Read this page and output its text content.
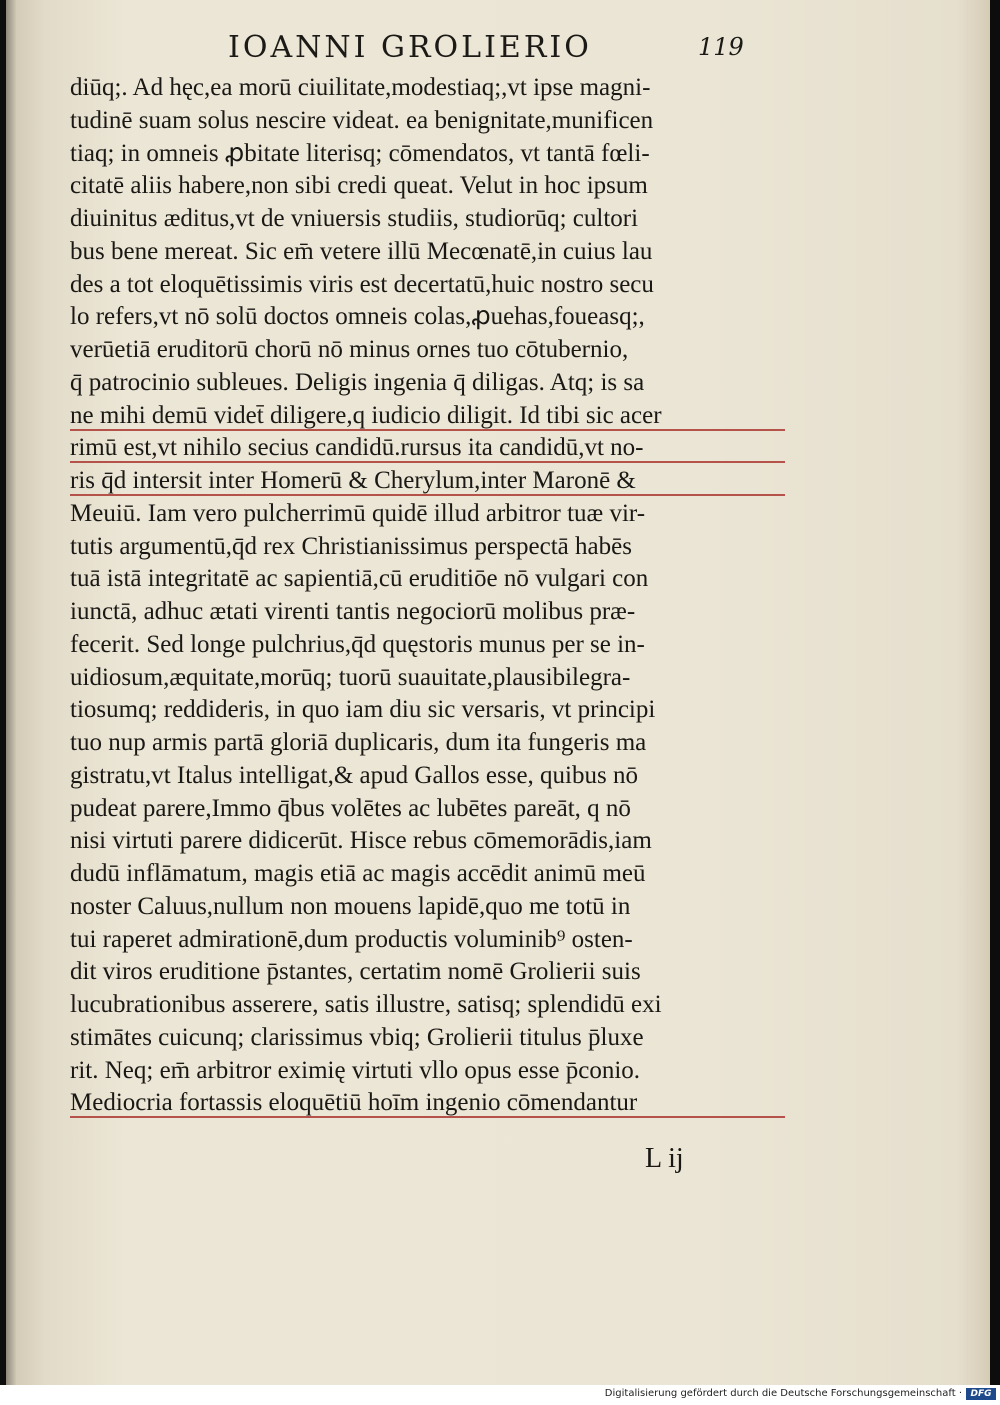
IOANNI GROLIERIO	119
diūq;. Ad hęc,ea morū ciuilitate,modestiaq;,vt ipse magni-
tudinē suam solus nescire videat. ea benignitate,munificen
tiaq; in omneis ꝓbitate literisq; cōmendatos, vt tantā fœli-
citatē aliis habere,non sibi credi queat. Velut in hoc ipsum
diuinitus æditus,vt de vniuersis studiis, studiorūq; cultori
bus bene mereat. Sic em̄ vetere illū Mecœnatē,in cuius lau
des a tot eloquētissimis viris est decertatū,huic nostro secu
lo refers,vt nō solū doctos omneis colas,ꝓuehas,foueasq;,
verūetiā eruditorū chorū nō minus ornes tuo cōtubernio,
q̄ patrocinio subleues. Deligis ingenia q̄ diligas. Atq; is sa
ne mihi demū videt̄ diligere,q iudicio diligit. Id tibi sic acer
rimū est,vt nihilo secius candidū.rursus ita candidū,vt no-
ris q̄d intersit inter Homerū & Cherylum,inter Maronē &
Meuiū. Iam vero pulcherrimū quidē illud arbitror tuæ vir-
tutis argumentū,q̄d rex Christianissimus perspectā habēs
tuā istā integritatē ac sapientiā,cū eruditiōe nō vulgari con
iunctā, adhuc ætati virenti tantis negociorū molibus præ-
fecerit. Sed longe pulchrius,q̄d quęstoris munus per se in-
uidiosum,æquitate,morūq; tuorū suauitate,plausibilegra-
tiosumq; reddideris, in quo iam diu sic versaris, vt principi
tuo nup armis partā gloriā duplicaris, dum ita fungeris ma
gistratu,vt Italus intelligat,& apud Gallos esse, quibus nō
pudeat parere,Immo q̄bus volētes ac lubētes pareāt, q nō
nisi virtuti parere didicerūt. Hisce rebus cōmemorādis,iam
dudū inflāmatum, magis etiā ac magis accēdit animū meū
noster Caluus,nullum non mouens lapidē,quo me totū in
tui raperet admirationē,dum productis voluminib⁹ osten-
dit viros eruditione p̄stantes, certatim nomē Grolierii suis
lucubrationibus asserere, satis illustre, satisq; splendidū exi
stimātes cuicunq; clarissimus vbiq; Grolierii titulus p̄luxe
rit. Neq; em̄ arbitror eximię virtuti vllo opus esse p̄conio.
Mediocria fortassis eloquētiū hoīm ingenio cōmendantur
L ij
Digitalisierung gefördert durch die Deutsche Forschungsgemeinschaft · DFG
